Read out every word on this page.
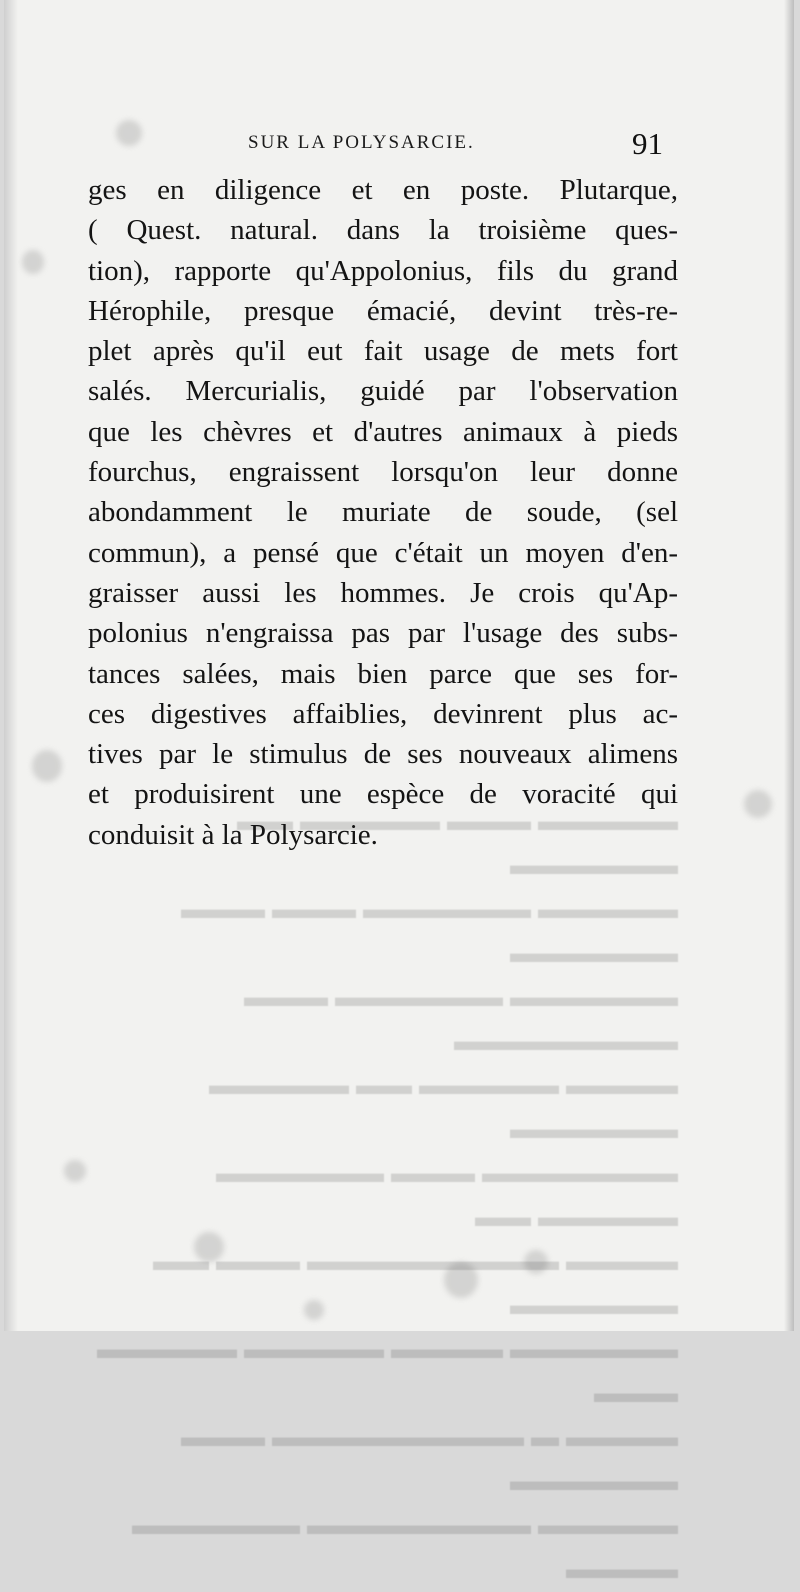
▬▬▬▬▬ ▬▬▬ ▬▬▬▬▬ ▬▬ ▬▬▬▬▬▬
▬▬▬▬▬ ▬▬▬▬▬▬ ▬▬▬ ▬▬▬ ▬▬▬▬▬▬
▬▬▬▬▬▬ ▬▬▬▬▬▬ ▬▬▬ ▬▬▬▬▬▬▬▬
▬▬▬▬ ▬▬▬▬▬ ▬▬ ▬▬▬▬▬ ▬▬▬▬▬▬
▬▬▬▬▬▬▬ ▬▬▬ ▬▬▬▬▬▬ ▬▬▬▬▬ ▬▬
▬▬▬▬ ▬▬▬▬▬▬▬▬▬ ▬▬▬ ▬▬ ▬▬▬▬▬▬
▬▬▬▬▬▬ ▬▬▬▬ ▬▬▬▬▬ ▬▬▬▬▬ ▬▬▬
▬▬▬▬ ▬ ▬▬▬▬▬▬▬▬▬ ▬▬▬ ▬▬▬▬▬▬
▬▬▬▬▬ ▬▬▬▬▬▬▬▬ ▬▬▬▬▬▬ ▬▬▬▬
SUR LA POLYSARCIE.	91
ges en diligence et en poste. Plutarque,
( Quest. natural. dans la troisième ques-
tion), rapporte qu'Appolonius, fils du grand
Hérophile, presque émacié, devint très-re-
plet après qu'il eut fait usage de mets fort
salés. Mercurialis, guidé par l'observation
que les chèvres et d'autres animaux à pieds
fourchus, engraissent lorsqu'on leur donne
abondamment le muriate de soude, (sel
commun), a pensé que c'était un moyen d'en-
graisser aussi les hommes. Je crois qu'Ap-
polonius n'engraissa pas par l'usage des subs-
tances salées, mais bien parce que ses for-
ces digestives affaiblies, devinrent plus ac-
tives par le stimulus de ses nouveaux alimens
et produisirent une espèce de voracité qui
conduisit à la Polysarcie.
